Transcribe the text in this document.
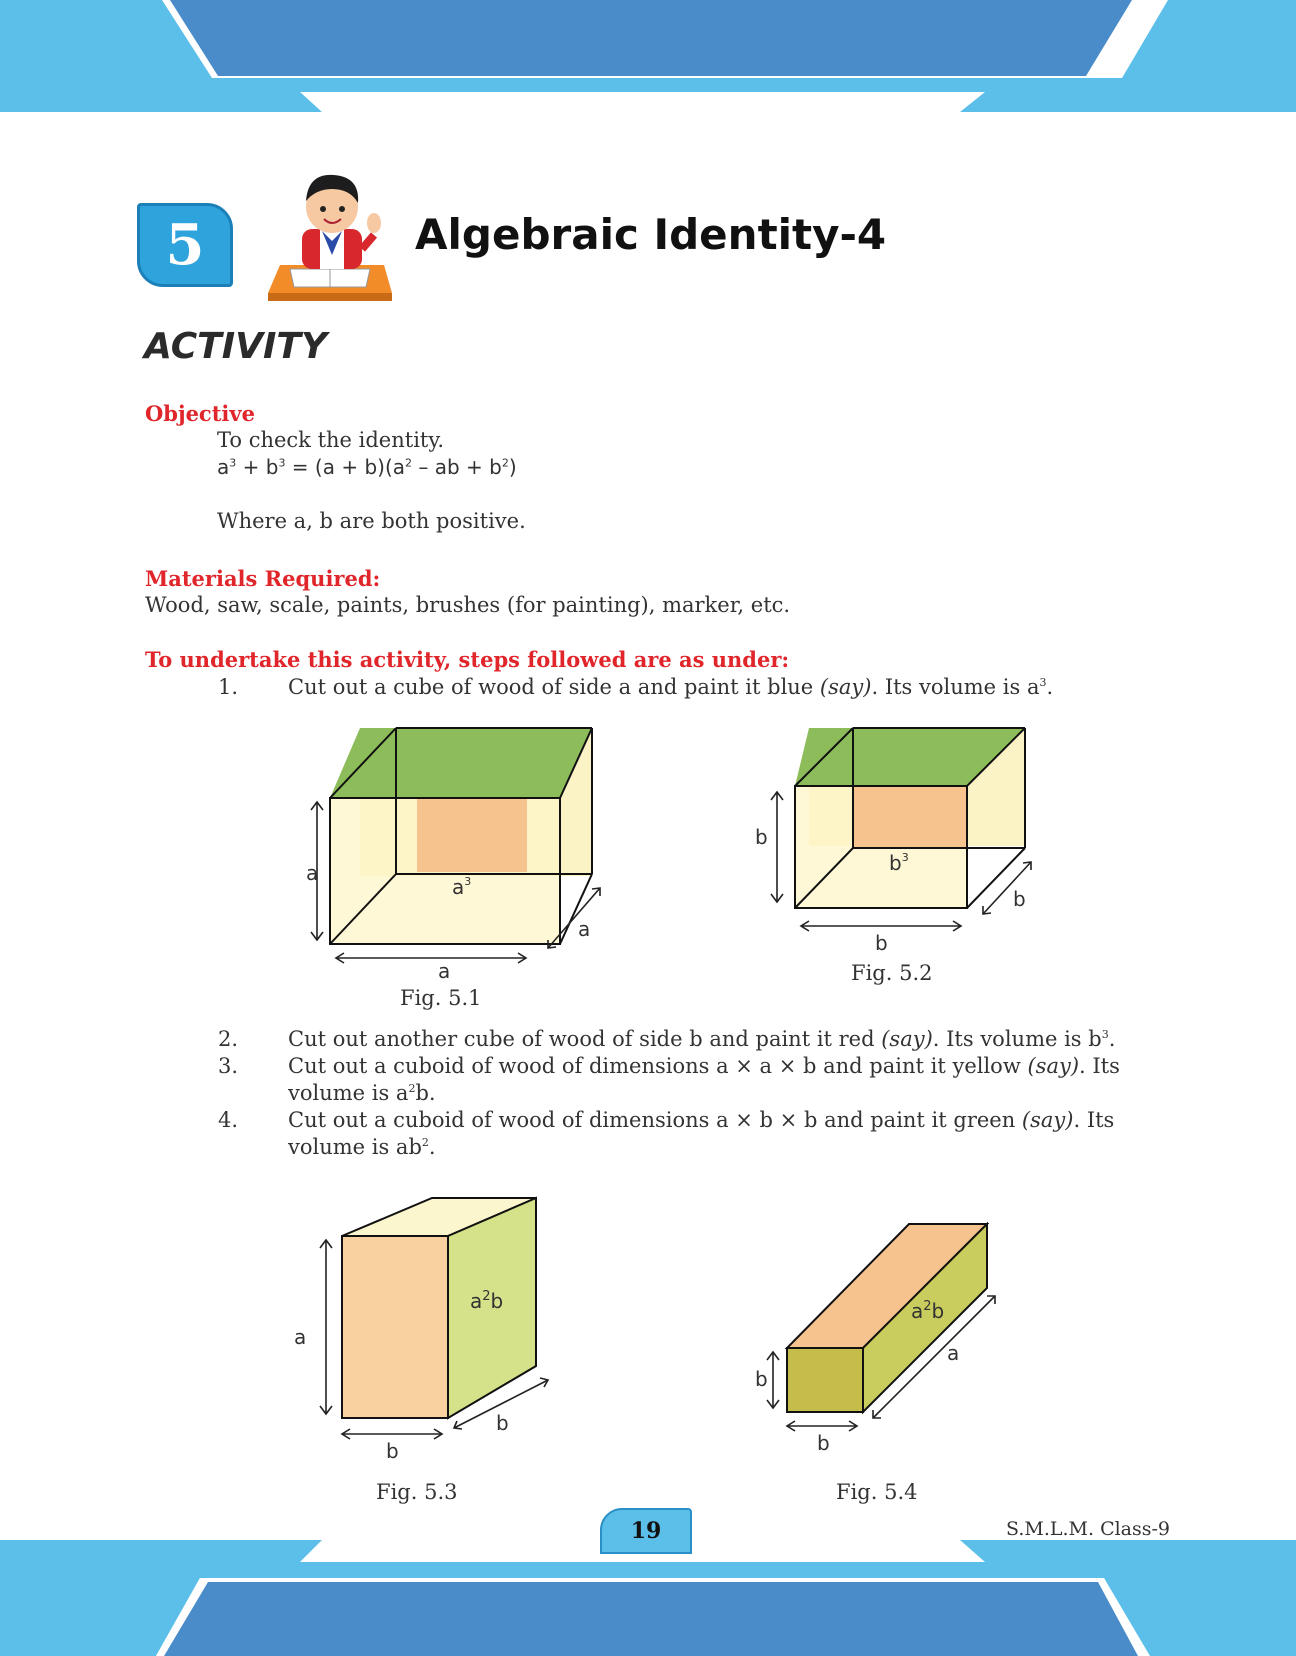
5	Algebraic Identity-4
ACTIVITY
Objective
To check the identity.
$a^3 + b^3 = (a + b)(a^2$ – ab + $b^2$)
Where a, b are both positive.
Materials Required:
Wood, saw, scale, paints, brushes (for painting), marker, etc.
To undertake this activity, steps followed are as under:
1. Cut out a cube of wood of side a and paint it blue (say). Its volume is $a^3$.
a
a
a
$a^3$
Fig. 5.1
b
b
b
$b^3$
Fig. 5.2
2. Cut out another cube of wood of side b and paint it red (say). Its volume is $b^3$.
3. Cut out a cuboid of wood of dimensions a × a × b and paint it yellow (say). Its
volume is $a^2b$.
4. Cut out a cuboid of wood of dimensions a × b × b and paint it green (say). Its
volume is $ab^2$.
a
b
b
$a^2b$
Fig. 5.3
b
b
a
$a^2b$
Fig. 5.4
19	S.M.L.M. Class-9
